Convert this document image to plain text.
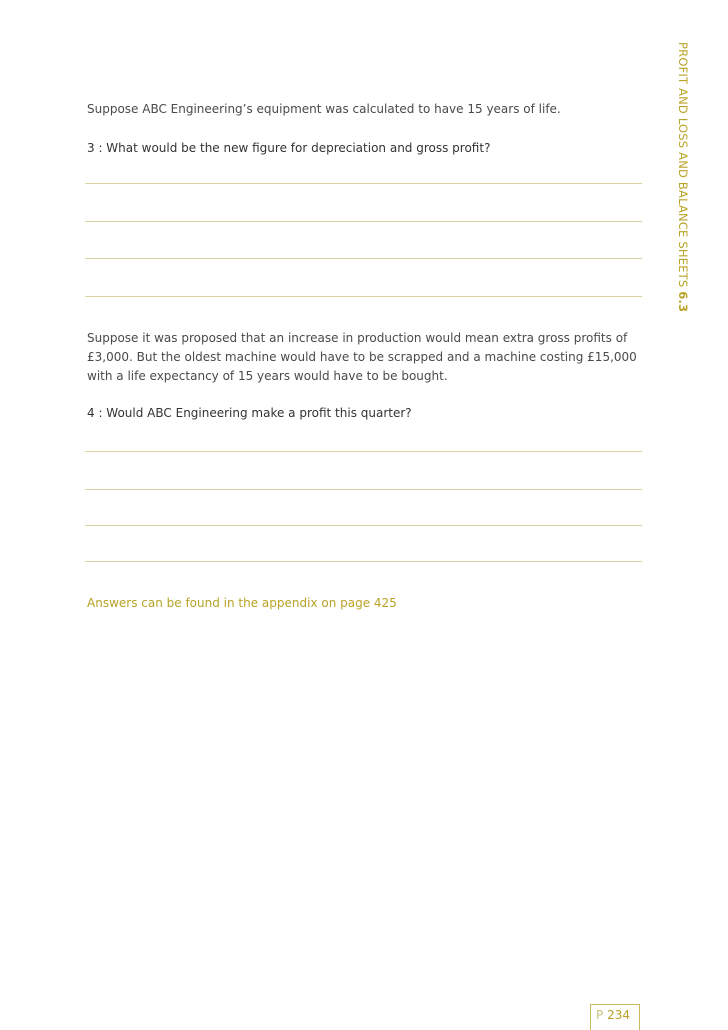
PROFIT AND LOSS AND BALANCE SHEETS 6.3

Suppose ABC Engineering’s equipment was calculated to have 15 years of life.

3 : What would be the new figure for depreciation and gross profit?

Suppose it was proposed that an increase in production would mean extra gross profits of £3,000. But the oldest machine would have to be scrapped and a machine costing £15,000 with a life expectancy of 15 years would have to be bought.

4 : Would ABC Engineering make a profit this quarter?

Answers can be found in the appendix on page 425

P 234
